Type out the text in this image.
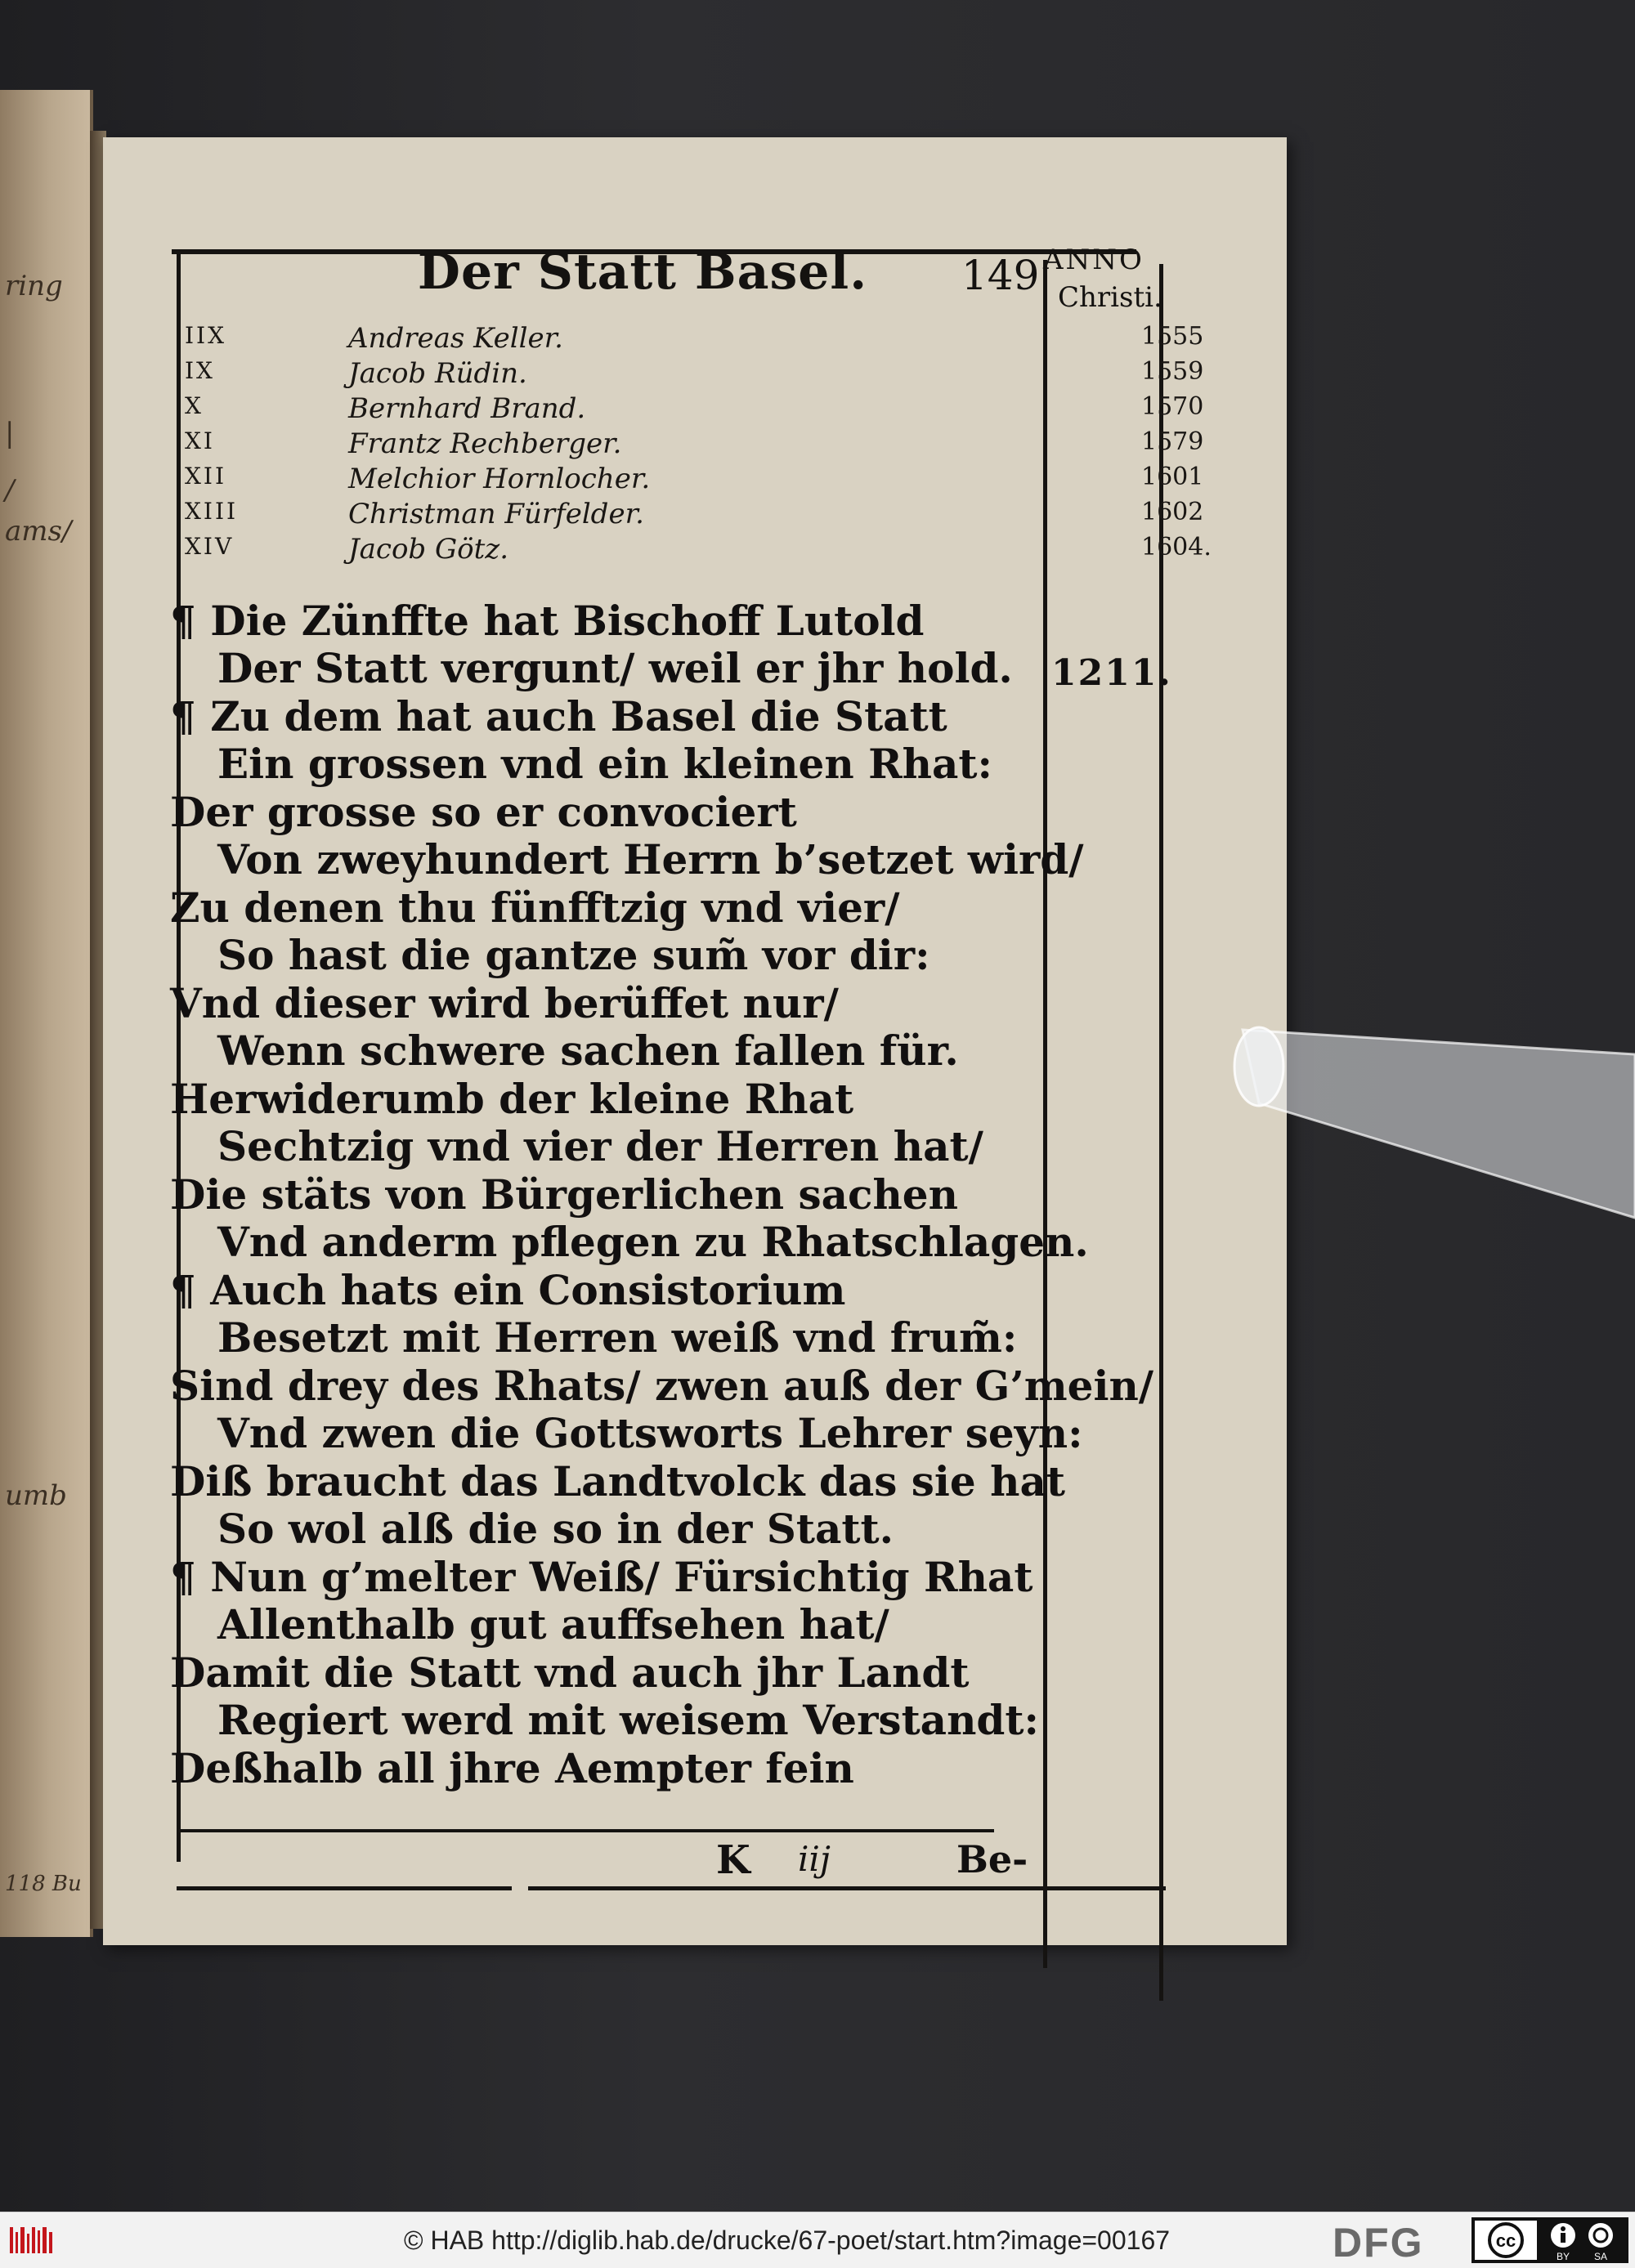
ring
|
/
ams/
umb
118 Bu
Der Statt Basel. 149 ANNO
Christi.
IIX	Andreas Keller.	1555
IX	Jacob Rüdin.	1559
X	Bernhard Brand.	1570
XI	Frantz Rechberger.	1579
XII	Melchior Hornlocher.	1601
XIII	Christman Fürfelder.	1602
XIV	Jacob Götz.	1604.
¶ Die Zünffte hat Bischoff Lutold
Der Statt vergunt/ weil er jhr hold.
¶ Zu dem hat auch Basel die Statt
Ein grossen vnd ein kleinen Rhat:
Der grosse so er convociert
Von zweyhundert Herrn b’setzet wird/
Zu denen thu fünfftzig vnd vier/
So hast die gantze sum̃ vor dir:
Vnd dieser wird berüffet nur/
Wenn schwere sachen fallen für.
Herwiderumb der kleine Rhat
Sechtzig vnd vier der Herren hat/
Die stäts von Bürgerlichen sachen
Vnd anderm pflegen zu Rhatschlagen.
¶ Auch hats ein Consistorium
Besetzt mit Herren weiß vnd frum̃:
Sind drey des Rhats/ zwen auß der G’mein/
Vnd zwen die Gottsworts Lehrer seyn:
Diß braucht das Landtvolck das sie hat
So wol alß die so in der Statt.
¶ Nun g’melter Weiß/ Fürsichtig Rhat
Allenthalb gut auffsehen hat/
Damit die Statt vnd auch jhr Landt
Regiert werd mit weisem Verstandt:
Deßhalb all jhre Aempter fein
1211.
K iij	Be-
© HAB http://diglib.hab.de/drucke/67-poet/start.htm?image=00167	DFG	cc
BY SA
